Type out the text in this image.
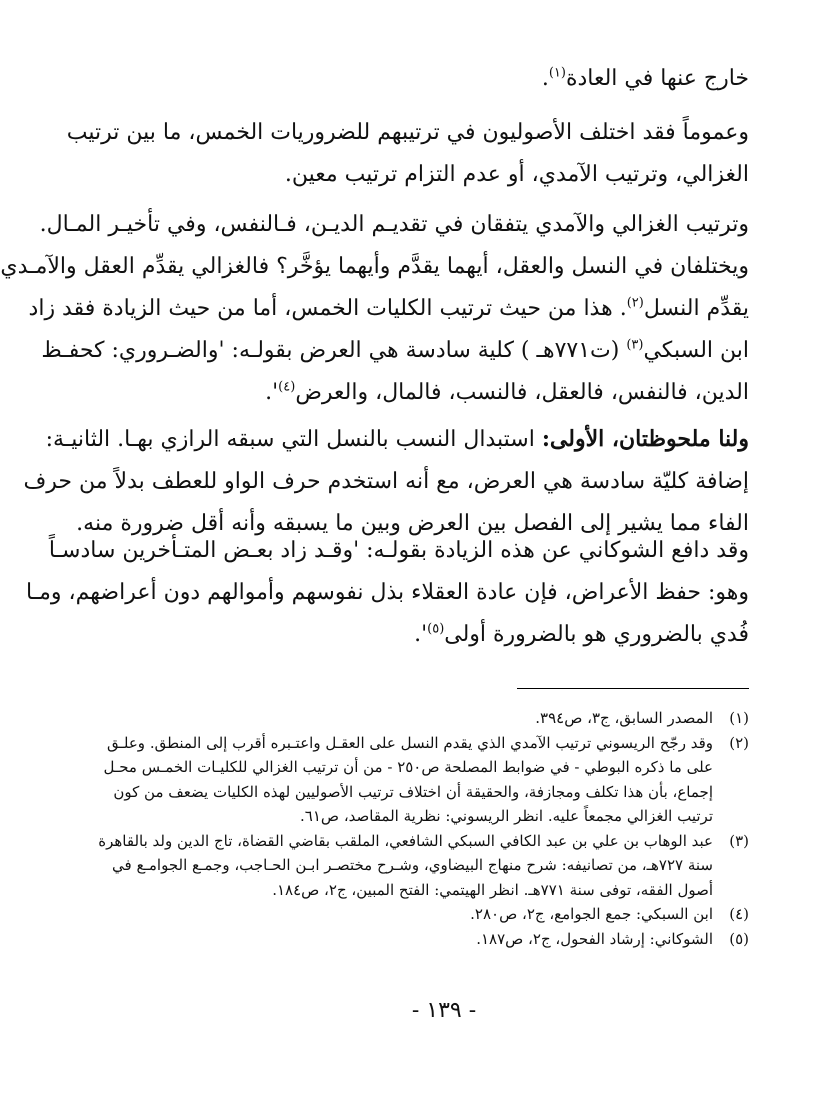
خارج عنها في العادة$^{(١)}$.
وعموماً فقد اختلف الأصوليون في ترتيبهم للضروريات الخمس، ما بين ترتيب
الغزالي، وترتيب الآمدي، أو عدم التزام ترتيب معين.
وترتيب الغزالي والآمدي يتفقان في تقديـم الديـن، فـالنفس، وفي تأخيـر المـال.
ويختلفان في النسل والعقل، أيهما يقدَّم وأيهما يؤخَّر؟ فالغزالي يقدِّم العقل والآمـدي
يقدِّم النسل$^{(٢)}$. هذا من حيث ترتيب الكليات الخمس، أما من حيث الزيادة فقد زاد
ابن السبكي$^{(٣)}$ (ت٧٧١هـ ) كلية سادسة هي العرض بقولـه: 'والضـروري: كحفـظ
الدين، فالنفس، فالعقل، فالنسب، فالمال، والعرض$^{(٤)}$'.
ولنا ملحوظتان، الأولى: استبدال النسب بالنسل التي سبقه الرازي بهـا. الثانيـة:
إضافة كليّة سادسة هي العرض، مع أنه استخدم حرف الواو للعطف بدلاً من حرف
الفاء مما يشير إلى الفصل بين العرض وبين ما يسبقه وأنه أقل ضرورة منه.
وقد دافع الشوكاني عن هذه الزيادة بقولـه: 'وقـد زاد بعـض المتـأخرين سادسـاً
وهو: حفظ الأعراض، فإن عادة العقلاء بذل نفوسهم وأموالهم دون أعراضهم، ومـا
فُدي بالضروري هو بالضرورة أولى$^{(٥)}$'.
(١)
المصدر السابق، ج٣، ص٣٩٤.
(٢)
وقد رجّح الريسوني ترتيب الآمدي الذي يقدم النسل على العقـل واعتـبره أقرب إلى المنطق. وعلـق
على ما ذكره البوطي - في ضوابط المصلحة ص٢٥٠ - من أن ترتيب الغزالي للكليـات الخمـس محـل
إجماع، بأن هذا تكلف ومجازفة، والحقيقة أن اختلاف ترتيب الأصوليين لهذه الكليات يضعف من كون
ترتيب الغزالي مجمعاً عليه. انظر الريسوني: نظرية المقاصد، ص٦١.
(٣)
عبد الوهاب بن علي بن عبد الكافي السبكي الشافعي، الملقب بقاضي القضاة، تاج الدين ولد بالقاهرة
سنة ٧٢٧هـ، من تصانيفه: شرح منهاج البيضاوي، وشـرح مختصـر ابـن الحـاجب، وجمـع الجوامـع في
أصول الفقه، توفى سنة ٧٧١هـ. انظر الهيتمي: الفتح المبين، ج٢، ص١٨٤.
(٤)
ابن السبكي: جمع الجوامع، ج٢، ص٢٨٠.
(٥)
الشوكاني: إرشاد الفحول، ج٢، ص١٨٧.
- ١٣٩ -
